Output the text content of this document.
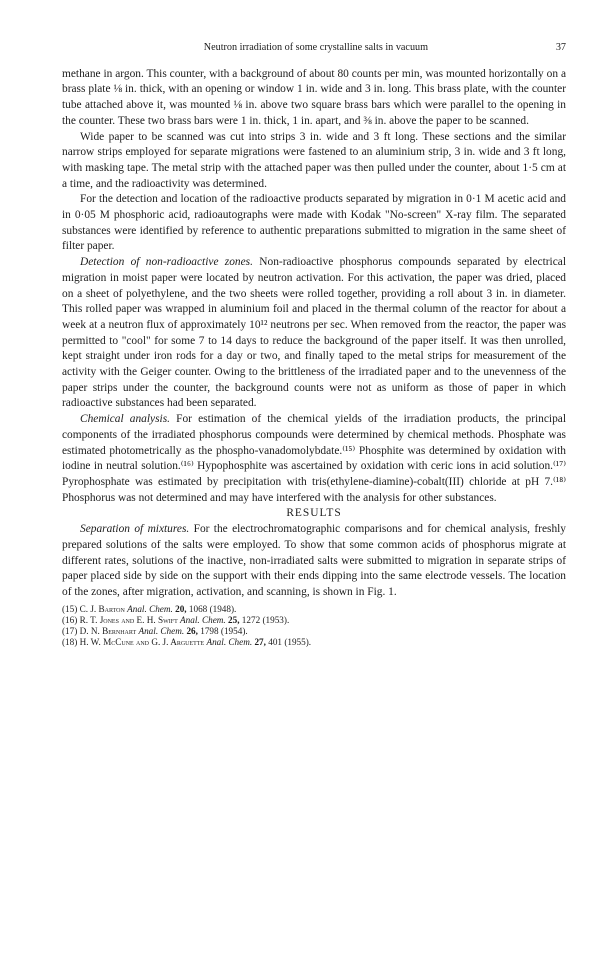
Neutron irradiation of some crystalline salts in vacuum	37

methane in argon. This counter, with a background of about 80 counts per min, was mounted horizontally on a brass plate ⅛ in. thick, with an opening or window 1 in. wide and 3 in. long. This brass plate, with the counter tube attached above it, was mounted ⅛ in. above two square brass bars which were parallel to the opening in the counter. These two brass bars were 1 in. thick, 1 in. apart, and ⅜ in. above the paper to be scanned.

Wide paper to be scanned was cut into strips 3 in. wide and 3 ft long. These sections and the similar narrow strips employed for separate migrations were fastened to an aluminium strip, 3 in. wide and 3 ft long, with masking tape. The metal strip with the attached paper was then pulled under the counter, about 1·5 cm at a time, and the radioactivity was determined.

For the detection and location of the radioactive products separated by migration in 0·1 M acetic acid and in 0·05 M phosphoric acid, radioautographs were made with Kodak "No-screen" X-ray film. The separated substances were identified by reference to authentic preparations submitted to migration in the same sheet of filter paper.

Detection of non-radioactive zones. Non-radioactive phosphorus compounds separated by electrical migration in moist paper were located by neutron activation. For this activation, the paper was dried, placed on a sheet of polyethylene, and the two sheets were rolled together, providing a roll about 3 in. in diameter. This rolled paper was wrapped in aluminium foil and placed in the thermal column of the reactor for about a week at a neutron flux of approximately 10¹² neutrons per sec. When removed from the reactor, the paper was permitted to "cool" for some 7 to 14 days to reduce the background of the paper itself. It was then unrolled, kept straight under iron rods for a day or two, and finally taped to the metal strips for measurement of the activity with the Geiger counter. Owing to the brittleness of the irradiated paper and to the unevenness of the paper strips under the counter, the background counts were not as uniform as those of paper in which radioactive substances had been separated.

Chemical analysis. For estimation of the chemical yields of the irradiation products, the principal components of the irradiated phosphorus compounds were determined by chemical methods. Phosphate was estimated photometrically as the phospho-vanadomolybdate.⁽¹⁵⁾ Phosphite was determined by oxidation with iodine in neutral solution.⁽¹⁶⁾ Hypophosphite was ascertained by oxidation with ceric ions in acid solution.⁽¹⁷⁾ Pyrophosphate was estimated by precipitation with tris(ethylene-diamine)-cobalt(III) chloride at pH 7.⁽¹⁸⁾ Phosphorus was not determined and may have interfered with the analysis for other substances.

RESULTS

Separation of mixtures. For the electrochromatographic comparisons and for chemical analysis, freshly prepared solutions of the salts were employed. To show that some common acids of phosphorus migrate at different rates, solutions of the inactive, non-irradiated salts were submitted to migration in separate strips of paper placed side by side on the support with their ends dipping into the same electrode vessels. The location of the zones, after migration, activation, and scanning, is shown in Fig. 1.

(15) C. J. Barton Anal. Chem. 20, 1068 (1948).
(16) R. T. Jones and E. H. Swift Anal. Chem. 25, 1272 (1953).
(17) D. N. Bernhart Anal. Chem. 26, 1798 (1954).
(18) H. W. McCune and G. J. Arguette Anal. Chem. 27, 401 (1955).
